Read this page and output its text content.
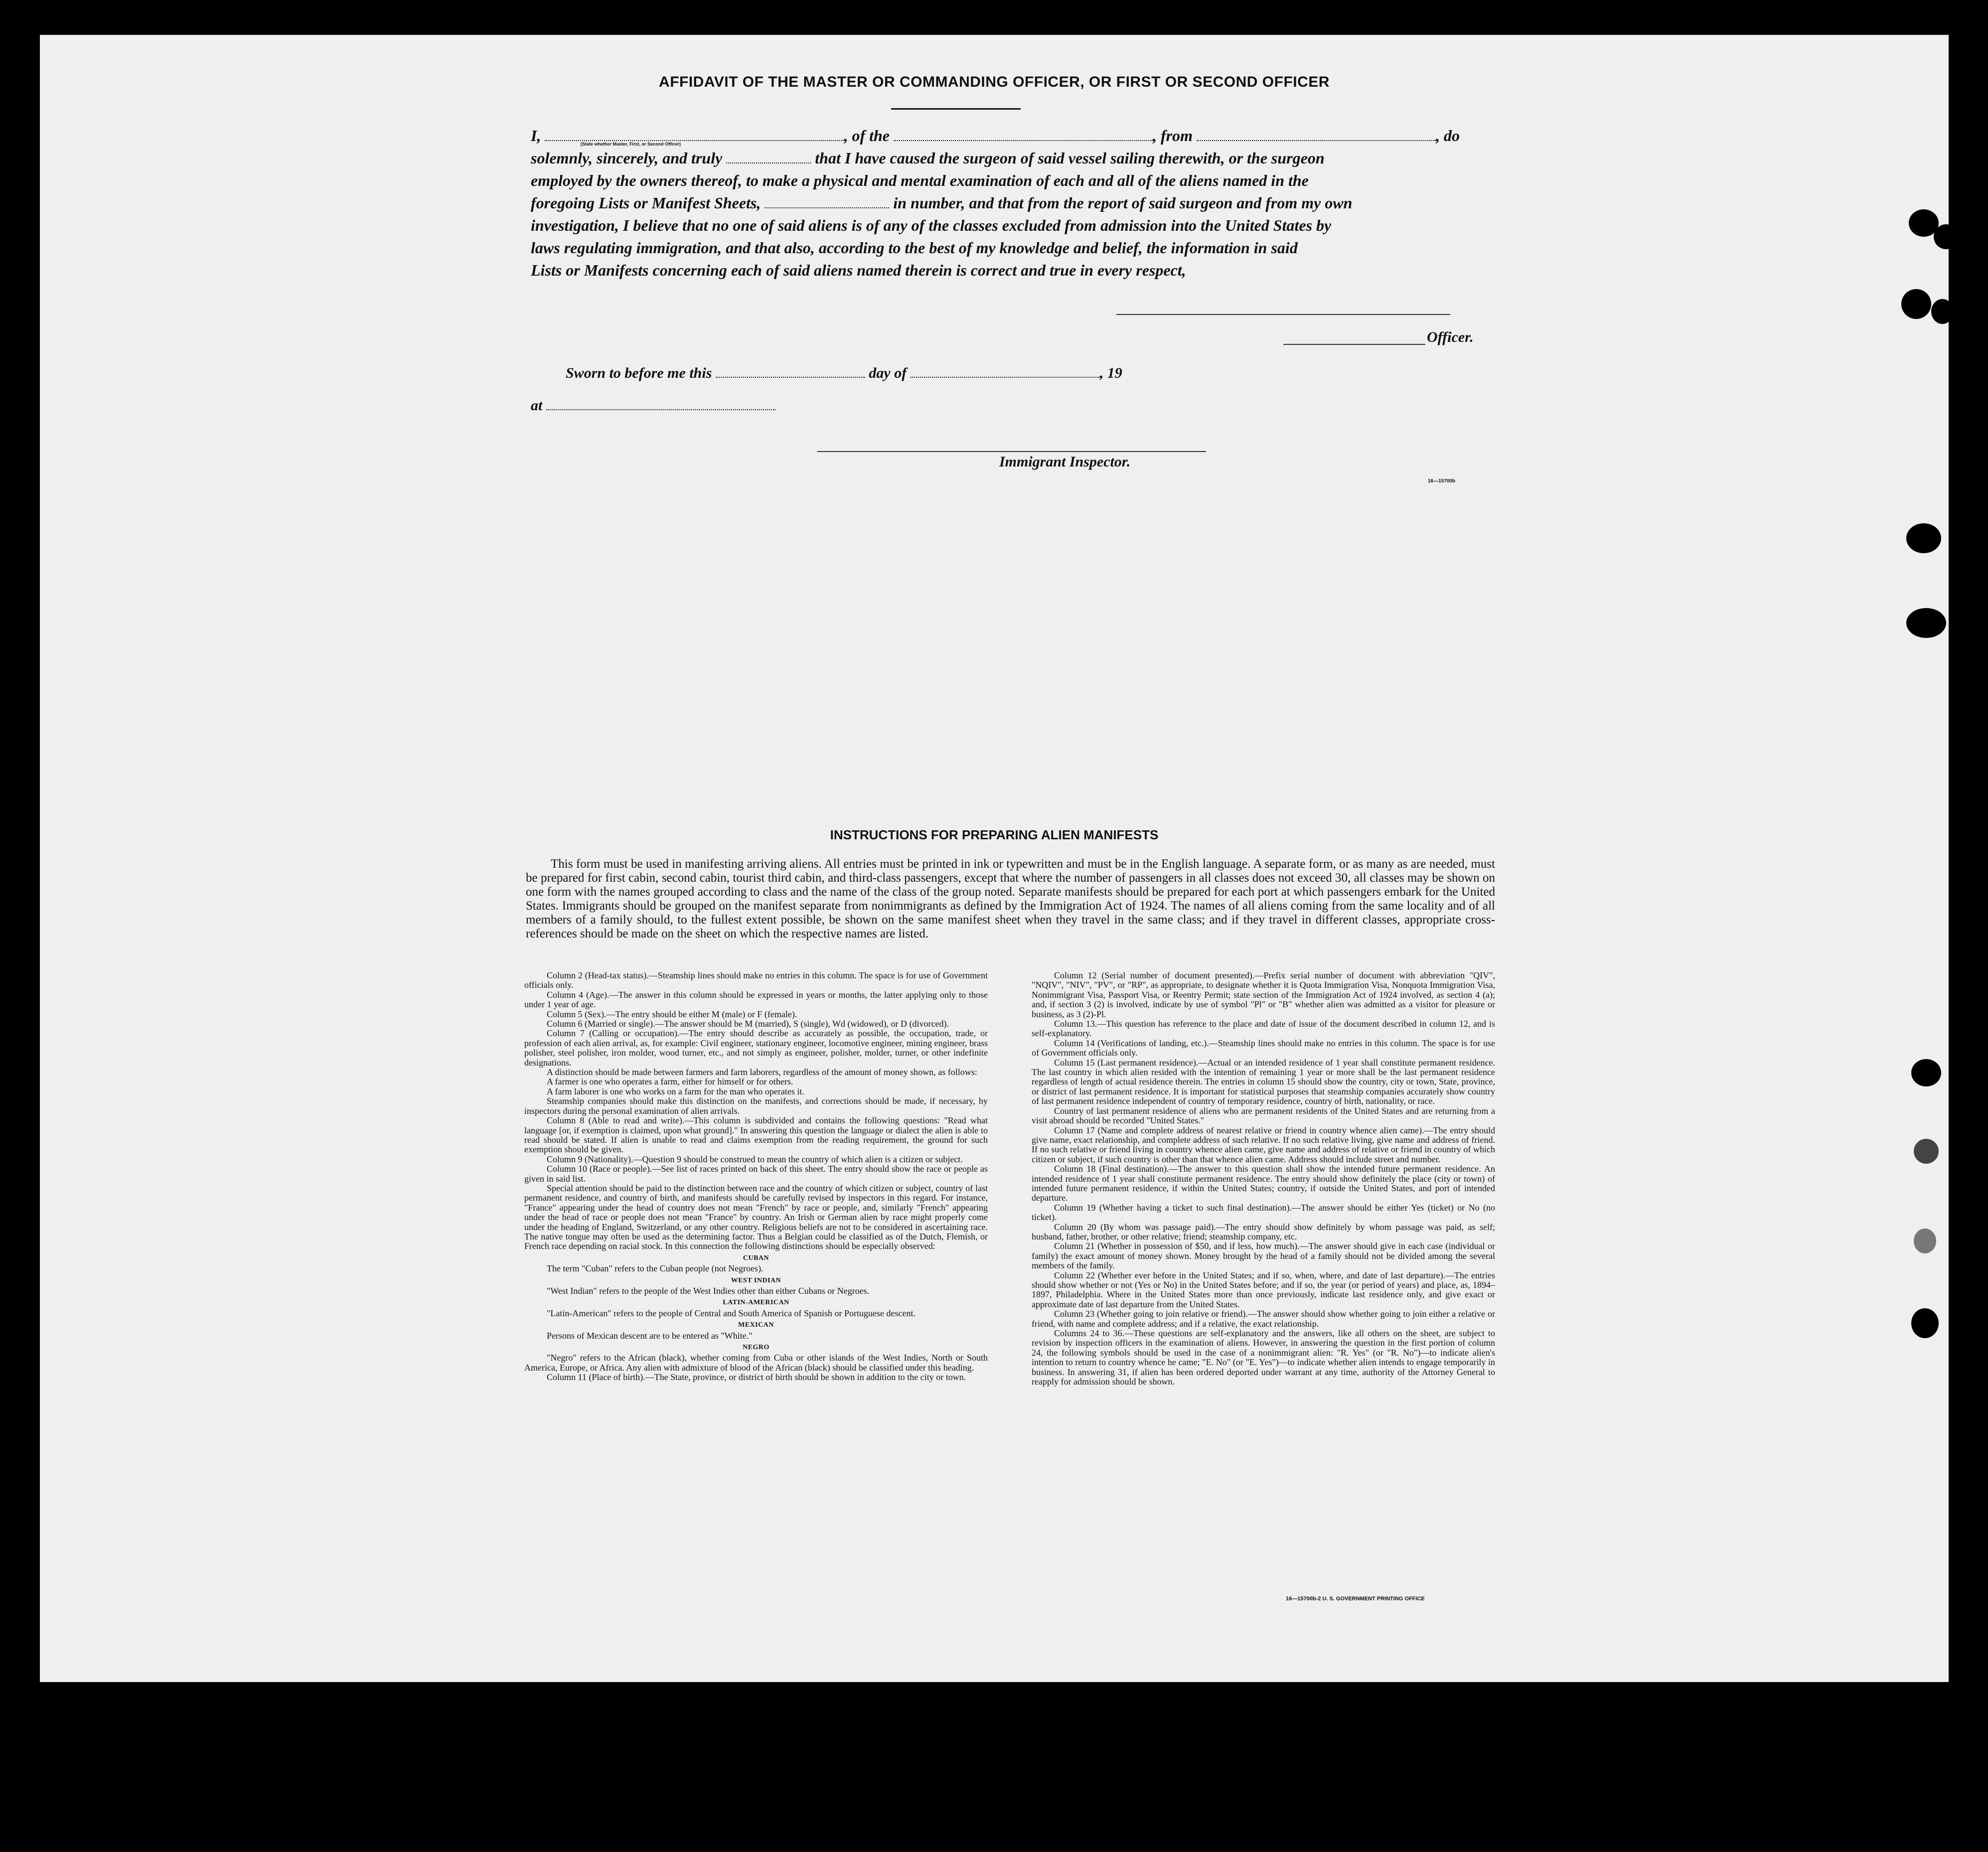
AFFIDAVIT OF THE MASTER OR COMMANDING OFFICER, OR FIRST OR SECOND OFFICER
I,	, of the	, from	, do
(State whether Master, First, or Second Officer)
solemnly, sincerely, and truly	that I have caused the surgeon of said vessel sailing therewith, or the surgeon
employed by the owners thereof, to make a physical and mental examination of each and all of the aliens named in the
foregoing Lists or Manifest Sheets,	in number, and that from the report of said surgeon and from my own
investigation, I believe that no one of said aliens is of any of the classes excluded from admission into the United States by
laws regulating immigration, and that also, according to the best of my knowledge and belief, the information in said
Lists or Manifests concerning each of said aliens named therein is correct and true in every respect,
Officer.
Sworn to before me this	day of	, 19
at
Immigrant Inspector.
16—15700b
INSTRUCTIONS FOR PREPARING ALIEN MANIFESTS
This form must be used in manifesting arriving aliens. All entries must be printed in ink or typewritten and must be in the English language. A separate form, or as many as are needed, must be prepared for first cabin, second cabin, tourist third cabin, and third-class passengers, except that where the number of passengers in all classes does not exceed 30, all classes may be shown on one form with the names grouped according to class and the name of the class of the group noted. Separate manifests should be prepared for each port at which passengers embark for the United States. Immigrants should be grouped on the manifest separate from nonimmigrants as defined by the Immigration Act of 1924. The names of all aliens coming from the same locality and of all members of a family should, to the fullest extent possible, be shown on the same manifest sheet when they travel in the same class; and if they travel in different classes, appropriate cross-references should be made on the sheet on which the respective names are listed.

Column 2 (Head-tax status).—Steamship lines should make no entries in this column. The space is for use of Government officials only.

Column 4 (Age).—The answer in this column should be expressed in years or months, the latter applying only to those under 1 year of age.

Column 5 (Sex).—The entry should be either M (male) or F (female).

Column 6 (Married or single).—The answer should be M (married), S (single), Wd (widowed), or D (divorced).

Column 7 (Calling or occupation).—The entry should describe as accurately as possible, the occupation, trade, or profession of each alien arrival, as, for example: Civil engineer, stationary engineer, locomotive engineer, mining engineer, brass polisher, steel polisher, iron molder, wood turner, etc., and not simply as engineer, polisher, molder, turner, or other indefinite designations.

A distinction should be made between farmers and farm laborers, regardless of the amount of money shown, as follows:

A farmer is one who operates a farm, either for himself or for others.

A farm laborer is one who works on a farm for the man who operates it.

Steamship companies should make this distinction on the manifests, and corrections should be made, if necessary, by inspectors during the personal examination of alien arrivals.

Column 8 (Able to read and write).—This column is subdivided and contains the following questions: "Read what language [or, if exemption is claimed, upon what ground]." In answering this question the language or dialect the alien is able to read should be stated. If alien is unable to read and claims exemption from the reading requirement, the ground for such exemption should be given.

Column 9 (Nationality).—Question 9 should be construed to mean the country of which alien is a citizen or subject.

Column 10 (Race or people).—See list of races printed on back of this sheet. The entry should show the race or people as given in said list.

Special attention should be paid to the distinction between race and the country of which citizen or subject, country of last permanent residence, and country of birth, and manifests should be carefully revised by inspectors in this regard. For instance, "France" appearing under the head of country does not mean "French" by race or people, and, similarly "French" appearing under the head of race or people does not mean "France" by country. An Irish or German alien by race might properly come under the heading of England, Switzerland, or any other country. Religious beliefs are not to be considered in ascertaining race. The native tongue may often be used as the determining factor. Thus a Belgian could be classified as of the Dutch, Flemish, or French race depending on racial stock. In this connection the following distinctions should be especially observed:

CUBAN

The term "Cuban" refers to the Cuban people (not Negroes).

WEST INDIAN

"West Indian" refers to the people of the West Indies other than either Cubans or Negroes.

LATIN-AMERICAN

"Latin-American" refers to the people of Central and South America of Spanish or Portuguese descent.

MEXICAN

Persons of Mexican descent are to be entered as "White."

NEGRO

"Negro" refers to the African (black), whether coming from Cuba or other islands of the West Indies, North or South America, Europe, or Africa. Any alien with admixture of blood of the African (black) should be classified under this heading.

Column 11 (Place of birth).—The State, province, or district of birth should be shown in addition to the city or town.

Column 12 (Serial number of document presented).—Prefix serial number of document with abbreviation "QIV", "NQIV", "NIV", "PV", or "RP", as appropriate, to designate whether it is Quota Immigration Visa, Nonquota Immigration Visa, Nonimmigrant Visa, Passport Visa, or Reentry Permit; state section of the Immigration Act of 1924 involved, as section 4 (a); and, if section 3 (2) is involved, indicate by use of symbol "Pl" or "B" whether alien was admitted as a visitor for pleasure or business, as 3 (2)-Pl.

Column 13.—This question has reference to the place and date of issue of the document described in column 12, and is self-explanatory.

Column 14 (Verifications of landing, etc.).—Steamship lines should make no entries in this column. The space is for use of Government officials only.

Column 15 (Last permanent residence).—Actual or an intended residence of 1 year shall constitute permanent residence. The last country in which alien resided with the intention of remaining 1 year or more shall be the last permanent residence regardless of length of actual residence therein. The entries in column 15 should show the country, city or town, State, province, or district of last permanent residence. It is important for statistical purposes that steamship companies accurately show country of last permanent residence independent of country of temporary residence, country of birth, nationality, or race.

Country of last permanent residence of aliens who are permanent residents of the United States and are returning from a visit abroad should be recorded "United States."

Column 17 (Name and complete address of nearest relative or friend in country whence alien came).—The entry should give name, exact relationship, and complete address of such relative. If no such relative living, give name and address of friend. If no such relative or friend living in country whence alien came, give name and address of relative or friend in country of which citizen or subject, if such country is other than that whence alien came. Address should include street and number.

Column 18 (Final destination).—The answer to this question shall show the intended future permanent residence. An intended residence of 1 year shall constitute permanent residence. The entry should show definitely the place (city or town) of intended future permanent residence, if within the United States; country, if outside the United States, and port of intended departure.

Column 19 (Whether having a ticket to such final destination).—The answer should be either Yes (ticket) or No (no ticket).

Column 20 (By whom was passage paid).—The entry should show definitely by whom passage was paid, as self; husband, father, brother, or other relative; friend; steamship company, etc.

Column 21 (Whether in possession of $50, and if less, how much).—The answer should give in each case (individual or family) the exact amount of money shown. Money brought by the head of a family should not be divided among the several members of the family.

Column 22 (Whether ever before in the United States; and if so, when, where, and date of last departure).—The entries should show whether or not (Yes or No) in the United States before; and if so, the year (or period of years) and place, as, 1894–1897, Philadelphia. Where in the United States more than once previously, indicate last residence only, and give exact or approximate date of last departure from the United States.

Column 23 (Whether going to join relative or friend).—The answer should show whether going to join either a relative or friend, with name and complete address; and if a relative, the exact relationship.

Columns 24 to 36.—These questions are self-explanatory and the answers, like all others on the sheet, are subject to revision by inspection officers in the examination of aliens. However, in answering the question in the first portion of column 24, the following symbols should be used in the case of a nonimmigrant alien: "R. Yes" (or "R. No")—to indicate alien's intention to return to country whence he came; "E. No" (or "E. Yes")—to indicate whether alien intends to engage temporarily in business. In answering 31, if alien has been ordered deported under warrant at any time, authority of the Attorney General to reapply for admission should be shown.

16—15700b-2 U. S. GOVERNMENT PRINTING OFFICE
